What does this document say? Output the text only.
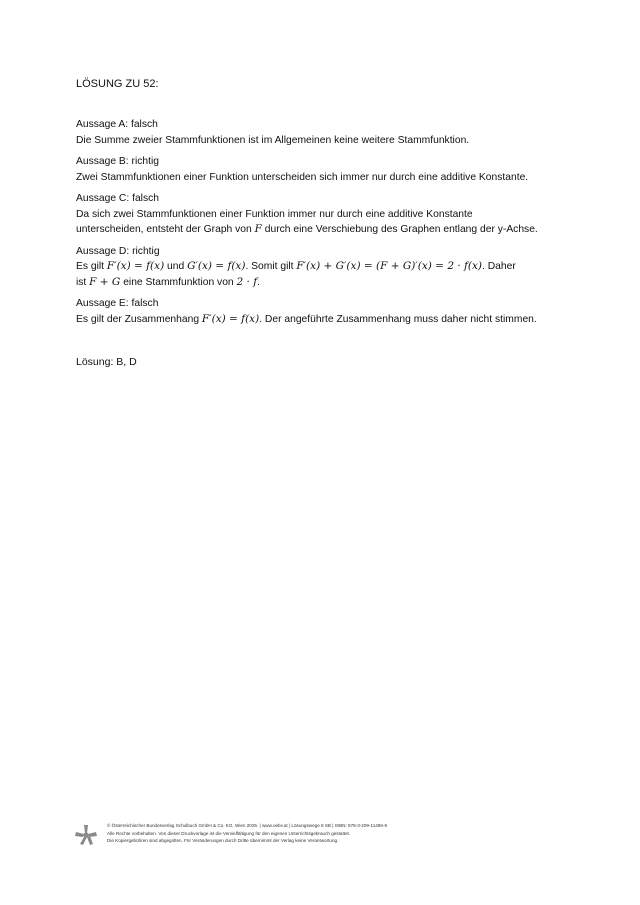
LÖSUNG ZU 52:

Aussage A: falsch

Die Summe zweier Stammfunktionen ist im Allgemeinen keine weitere Stammfunktion.

Aussage B: richtig

Zwei Stammfunktionen einer Funktion unterscheiden sich immer nur durch eine additive Konstante.

Aussage C: falsch

Da sich zwei Stammfunktionen einer Funktion immer nur durch eine additive Konstante

unterscheiden, entsteht der Graph von F durch eine Verschiebung des Graphen entlang der y-Achse.

Aussage D: richtig

Es gilt F′(x) = f(x) und G′(x) = f(x). Somit gilt F′(x) + G′(x) = (F + G)′(x) = 2 · f(x). Daher

ist F + G eine Stammfunktion von 2 · f.

Aussage E: falsch

Es gilt der Zusammenhang F′(x) = f(x). Der angeführte Zusammenhang muss daher nicht stimmen.

Lösung: B, D
© Österreichischer Bundesverlag Schulbuch GmbH & Co. KG, Wien 2025. | www.oebv.at | Lösungswege 8 SB | ISBN: 978-3-209-11496-9
Alle Rechte vorbehalten. Von dieser Druckvorlage ist die Vervielfältigung für den eigenen Unterrichtsgebrauch gestattet.
Die Kopiergebühren sind abgegolten. Für Veränderungen durch Dritte übernimmt der Verlag keine Verantwortung.
